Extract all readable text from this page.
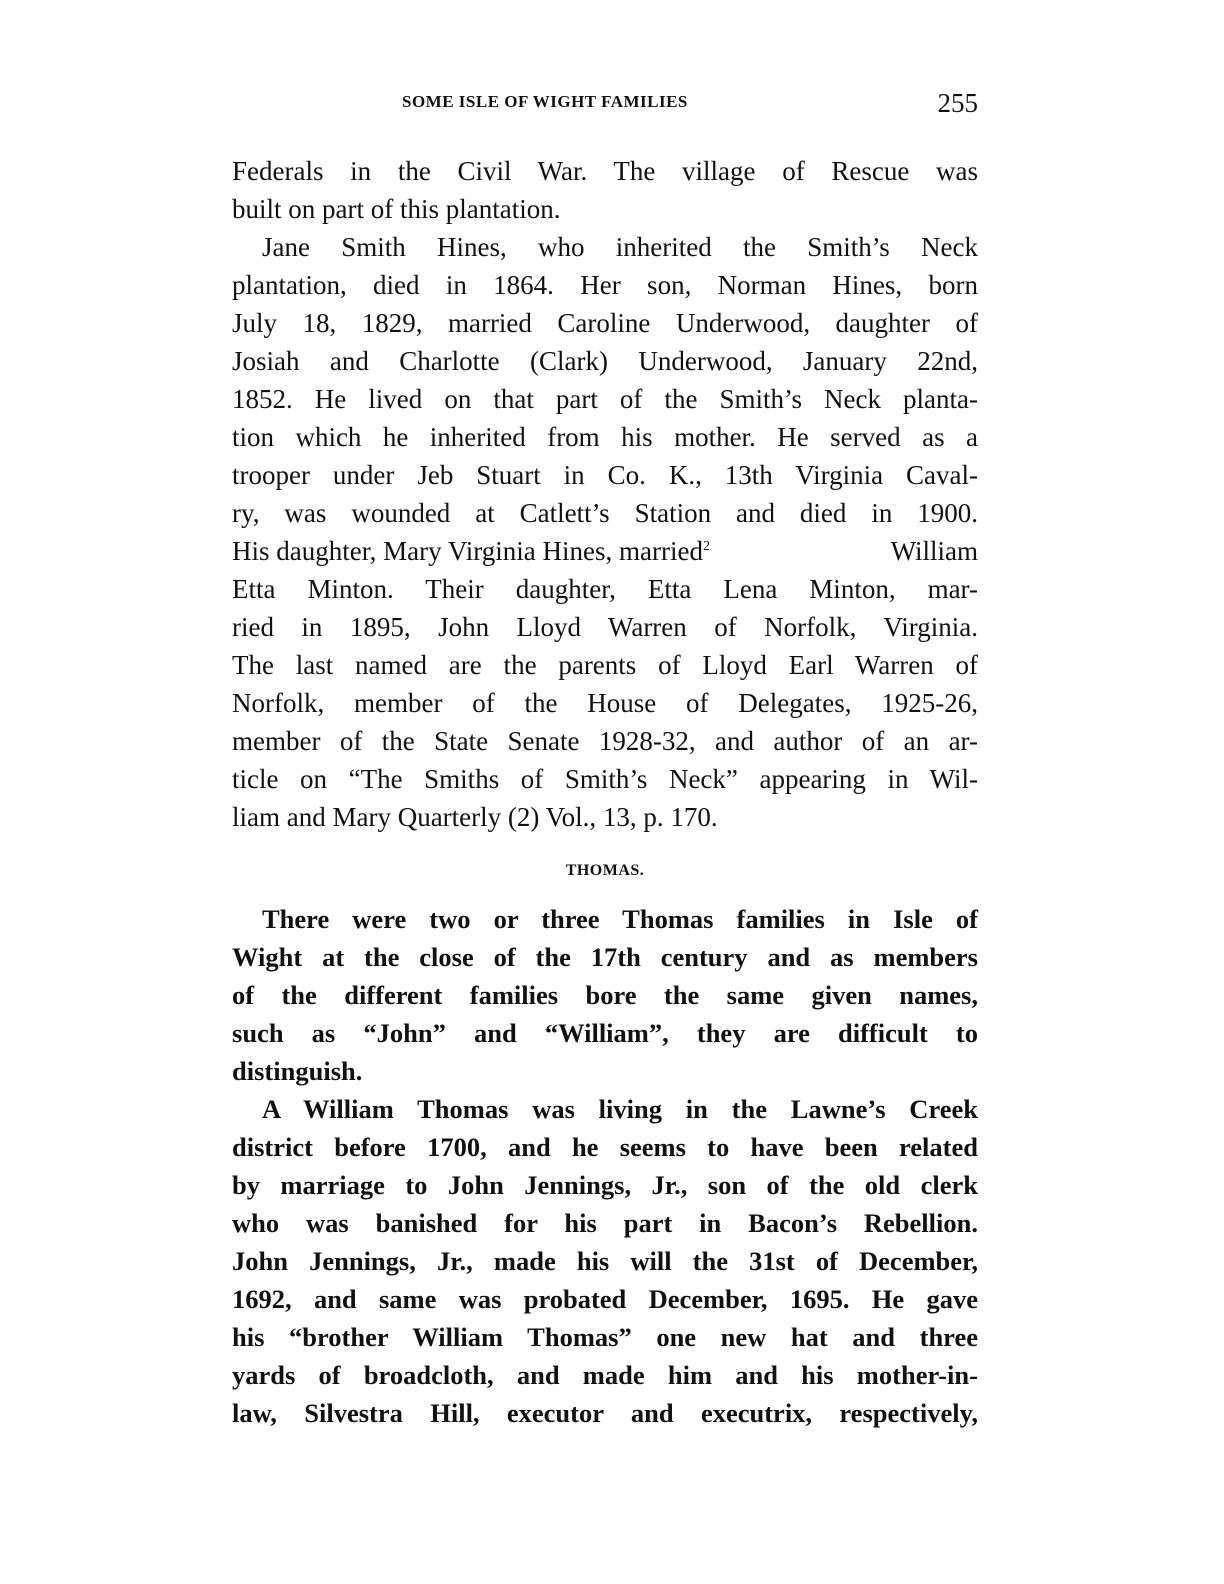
SOME ISLE OF WIGHT FAMILIES	255
Federals in the Civil War. The village of Rescue was
built on part of this plantation.
Jane Smith Hines, who inherited the Smith’s Neck
plantation, died in 1864. Her son, Norman Hines, born
July 18, 1829, married Caroline Underwood, daughter of
Josiah and Charlotte (Clark) Underwood, January 22nd,
1852. He lived on that part of the Smith’s Neck planta-
tion which he inherited from his mother. He served as a
trooper under Jeb Stuart in Co. K., 13th Virginia Caval-
ry, was wounded at Catlett’s Station and died in 1900.
His daughter, Mary Virginia Hines, married$^2$	William
Etta Minton. Their daughter, Etta Lena Minton, mar-
ried in 1895, John Lloyd Warren of Norfolk, Virginia.
The last named are the parents of Lloyd Earl Warren of
Norfolk, member of the House of Delegates, 1925-26,
member of the State Senate 1928-32, and author of an ar-
ticle on “The Smiths of Smith’s Neck” appearing in Wil-
liam and Mary Quarterly (2) Vol., 13, p. 170.
THOMAS.
There were two or three Thomas families in Isle of
Wight at the close of the 17th century and as members
of the different families bore the same given names,
such as “John” and “William”, they are difficult to
distinguish.
A William Thomas was living in the Lawne’s Creek
district before 1700, and he seems to have been related
by marriage to John Jennings, Jr., son of the old clerk
who was banished for his part in Bacon’s Rebellion.
John Jennings, Jr., made his will the 31st of December,
1692, and same was probated December, 1695. He gave
his “brother William Thomas” one new hat and three
yards of broadcloth, and made him and his mother-in-
law, Silvestra Hill, executor and executrix, respectively,
